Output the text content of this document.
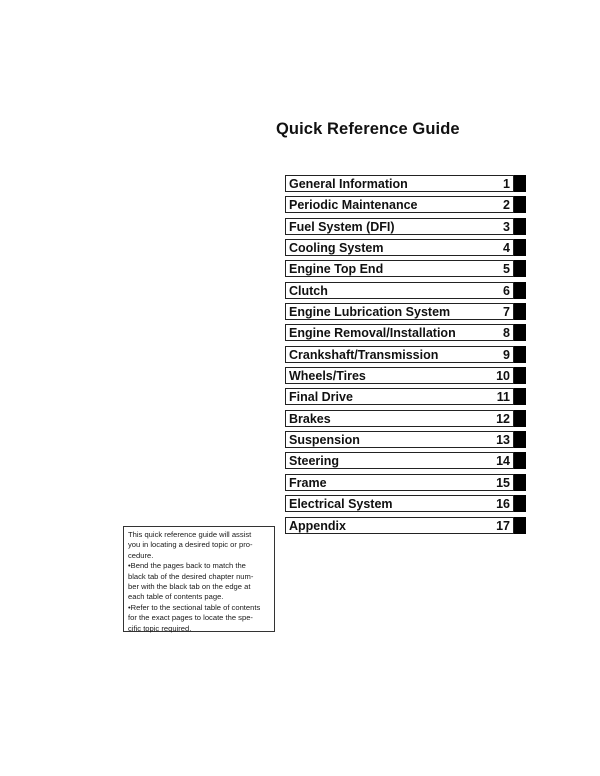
Quick Reference Guide
General Information	1
Periodic Maintenance	2
Fuel System (DFI)	3
Cooling System	4
Engine Top End	5
Clutch	6
Engine Lubrication System	7
Engine Removal/Installation	8
Crankshaft/Transmission	9
Wheels/Tires	10
Final Drive	11
Brakes	12
Suspension	13
Steering	14
Frame	15
Electrical System	16
Appendix	17
This quick reference guide will assist
you in locating a desired topic or pro-
cedure.
•Bend the pages back to match the
black tab of the desired chapter num-
ber with the black tab on the edge at
each table of contents page.
•Refer to the sectional table of contents
for the exact pages to locate the spe-
cific topic required.
